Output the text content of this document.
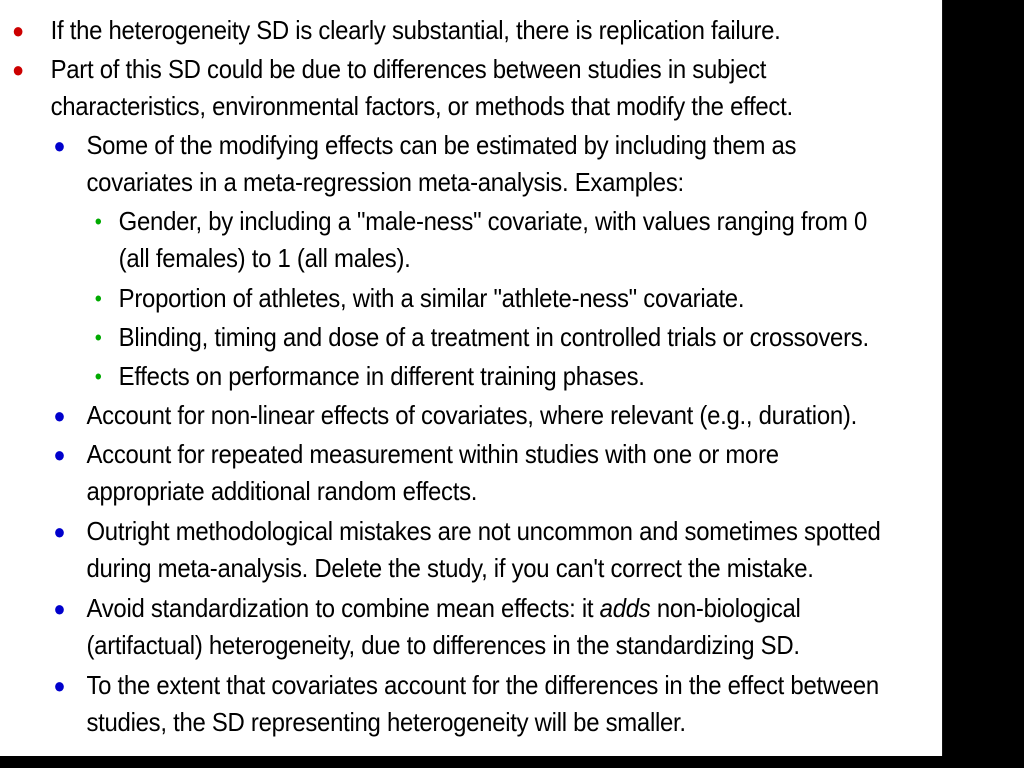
● If the heterogeneity SD is clearly substantial, there is replication failure.
● Part of this SD could be due to differences between studies in subject
characteristics, environmental factors, or methods that modify the effect.
● Some of the modifying effects can be estimated by including them as
covariates in a meta-regression meta-analysis. Examples:
• Gender, by including a "male-ness" covariate, with values ranging from 0
(all females) to 1 (all males).
• Proportion of athletes, with a similar "athlete-ness" covariate.
• Blinding, timing and dose of a treatment in controlled trials or crossovers.
• Effects on performance in different training phases.
● Account for non-linear effects of covariates, where relevant (e.g., duration).
● Account for repeated measurement within studies with one or more
appropriate additional random effects.
● Outright methodological mistakes are not uncommon and sometimes spotted
during meta-analysis. Delete the study, if you can't correct the mistake.
● Avoid standardization to combine mean effects: it adds non-biological
(artifactual) heterogeneity, due to differences in the standardizing SD.
● To the extent that covariates account for the differences in the effect between
studies, the SD representing heterogeneity will be smaller.
